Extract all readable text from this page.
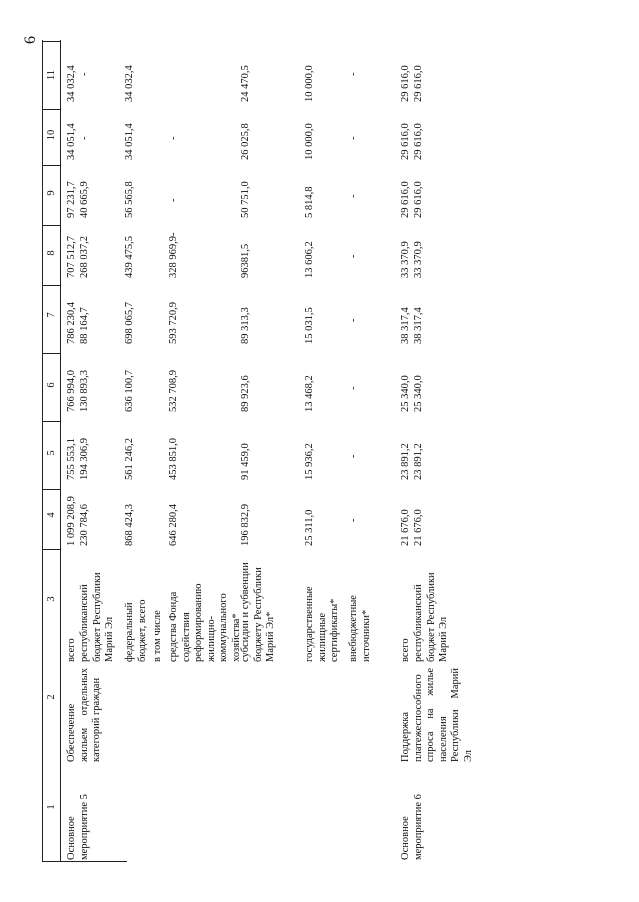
6
1
2
3
4
5
6
7
8
9
10
11
Основное мероприятие 5
Обеспечение жильем отдельных категорий граждан
всего
1 099 208,9
755 553,1
766 994,0
786 230,4
707 512,7
97 231,7
34 051,4
34 032,4
республиканский бюджет Республики Марий Эл
230 784,6
194 306,9
130 893,3
88 164,7
268 037,2
40 665,9
-
-
федеральный бюджет, всего
868 424,3
561 246,2
636 100,7
698 065,7
439 475,5
56 565,8
34 051,4
34 032,4
в том числе средства Фонда содействия реформированию жилищно-коммунального хозяйства*
646 280,4
453 851,0
532 708,9
593 720,9
328 969,9-
-
-
субсидии и субвенции бюджету Республики Марий Эл*
196 832,9
91 459,0
89 923,6
89 313,3
96381,5
50 751,0
26 025,8
24 470,5
государственные жилищные сертификаты*
25 311,0
15 936,2
13 468,2
15 031,5
13 606,2
5 814,8
10 000,0
10 000,0
внебюджетные источники*
-
-
-
-
-
-
-
-
Основное мероприятие 6
Поддержка платежеспособного спроса на жилье населения Республики Марий Эл
всего
21 676,0
23 891,2
25 340,0
38 317,4
33 370,9
29 616,0
29 616,0
29 616,0
республиканский бюджет Республики Марий Эл
21 676,0
23 891,2
25 340,0
38 317,4
33 370,9
29 616,0
29 616,0
29 616,0
